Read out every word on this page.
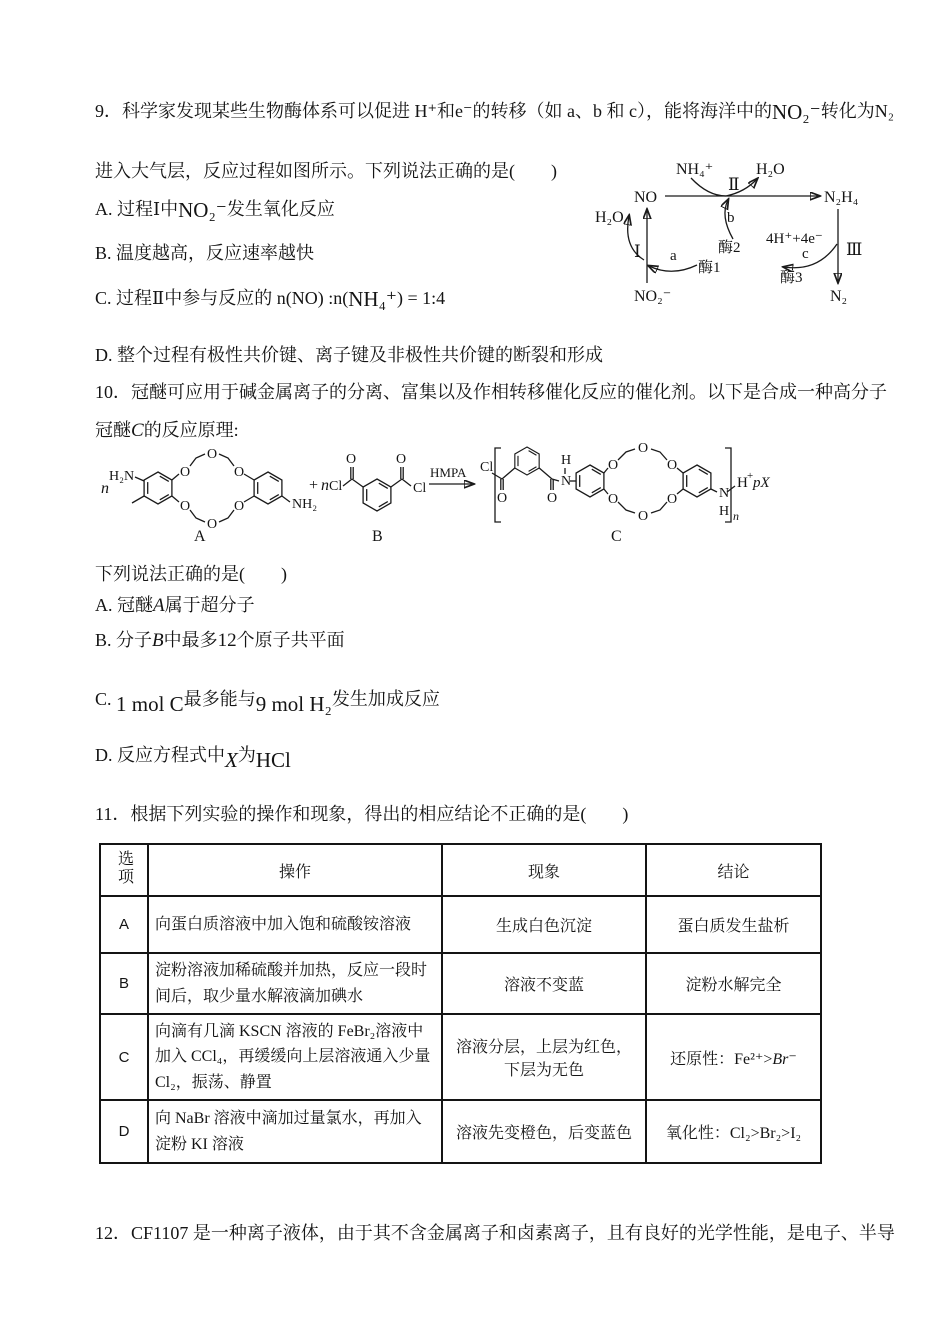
9．科学家发现某些生物酶体系可以促进 H⁺和e⁻的转移（如 a、b 和 c），能将海洋中的NO₂⁻转化为N₂
进入大气层，反应过程如图所示。下列说法正确的是(　　)
NO₂⁻
NO	N₂H₄
N₂
NH₄⁺	H₂O
H₂O
4H⁺+4e⁻
Ⅰ
Ⅱ
Ⅲ
a
b
c
酶1
酶2
酶3
A. 过程Ⅰ中NO₂⁻发生氧化反应
B. 温度越高，反应速率越快
C. 过程Ⅱ中参与反应的 n(NO) :n(NH₄⁺) = 1:4
D. 整个过程有极性共价键、离子键及非极性共价键的断裂和形成
10．冠醚可应用于碱金属离子的分离、富集以及作相转移催化反应的催化剂。以下是合成一种高分子
冠醚C的反应原理:
n
H₂N	O
O
O
O
O
O	NH₂
A
+ n Cl
O	O
Cl
B
HMPA Cl
O	O
N
H	O
O
O
O
O
O	N
H n
H + pX
C
下列说法正确的是(　　)
A. 冠醚A属于超分子
B. 分子B中最多12个原子共平面
C. 1 mol C最多能与9 mol H₂发生加成反应
D. 反应方程式中X为HCl
11．根据下列实验的操作和现象，得出的相应结论不正确的是(　　)
选项	操作	现象	结论
A	向蛋白质溶液中加入饱和硫酸铵溶液	生成白色沉淀	蛋白质发生盐析
B	淀粉溶液加稀硫酸并加热，反应一段时间后，取少量水解液滴加碘水	溶液不变蓝	淀粉水解完全
C	向滴有几滴 KSCN 溶液的 FeBr₂溶液中加入 CCl₄，再缓缓向上层溶液通入少量 Cl₂，振荡、静置	溶液分层，上层为红色，下层为无色	还原性：Fe²⁺>Br⁻
D	向 NaBr 溶液中滴加过量氯水，再加入淀粉 KI 溶液	溶液先变橙色，后变蓝色	氧化性：Cl₂>Br₂>I₂
12．CF1107 是一种离子液体，由于其不含金属离子和卤素离子，且有良好的光学性能，是电子、半导
